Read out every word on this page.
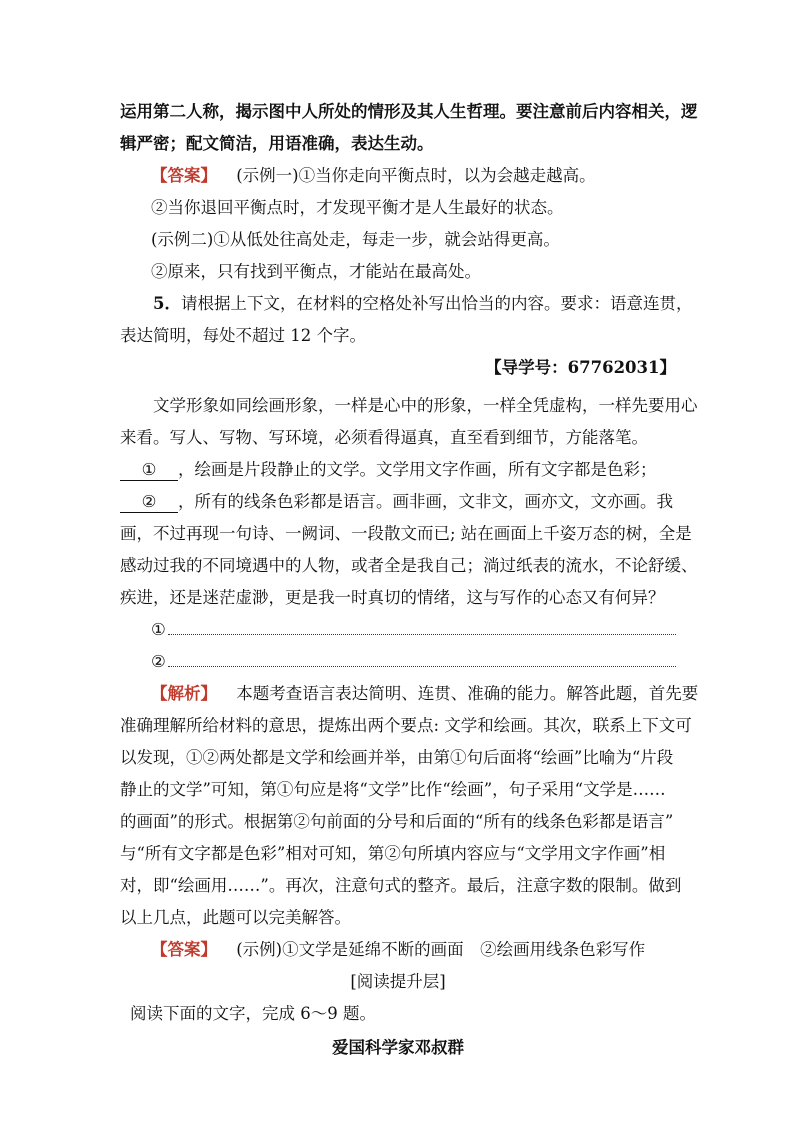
运用第二人称，揭示图中人所处的情形及其人生哲理。要注意前后内容相关，逻
辑严密；配文简洁，用语准确，表达生动。
【答案】 (示例一)①当你走向平衡点时，以为会越走越高。
②当你退回平衡点时，才发现平衡才是人生最好的状态。
(示例二)①从低处往高处走，每走一步，就会站得更高。
②原来，只有找到平衡点，才能站在最高处。
5．请根据上下文，在材料的空格处补写出恰当的内容。要求：语意连贯，
表达简明，每处不超过 12 个字。
【导学号：67762031】
文学形象如同绘画形象，一样是心中的形象，一样全凭虚构，一样先要用心
来看。写人、写物、写环境，必须看得逼真，直至看到细节，方能落笔。
① ，绘画是片段静止的文学。文学用文字作画，所有文字都是色彩；
② ，所有的线条色彩都是语言。画非画，文非文，画亦文，文亦画。我
画，不过再现一句诗、一阙词、一段散文而已; 站在画面上千姿万态的树，全是
感动过我的不同境遇中的人物，或者全是我自己；淌过纸表的流水，不论舒缓、
疾进，还是迷茫虚渺，更是我一时真切的情绪，这与写作的心态又有何异？
①
②
【解析】 本题考查语言表达简明、连贯、准确的能力。解答此题，首先要
准确理解所给材料的意思，提炼出两个要点: 文学和绘画。其次，联系上下文可
以发现，①②两处都是文学和绘画并举，由第①句后面将“绘画”比喻为“片段
静止的文学”可知，第①句应是将“文学”比作“绘画”，句子采用“文学是……
的画面”的形式。根据第②句前面的分号和后面的“所有的线条色彩都是语言”
与“所有文字都是色彩”相对可知，第②句所填内容应与“文学用文字作画”相
对，即“绘画用……”。再次，注意句式的整齐。最后，注意字数的限制。做到
以上几点，此题可以完美解答。
【答案】 (示例)①文学是延绵不断的画面　②绘画用线条色彩写作
[阅读提升层]
阅读下面的文字，完成 6～9 题。
爱国科学家邓叔群
